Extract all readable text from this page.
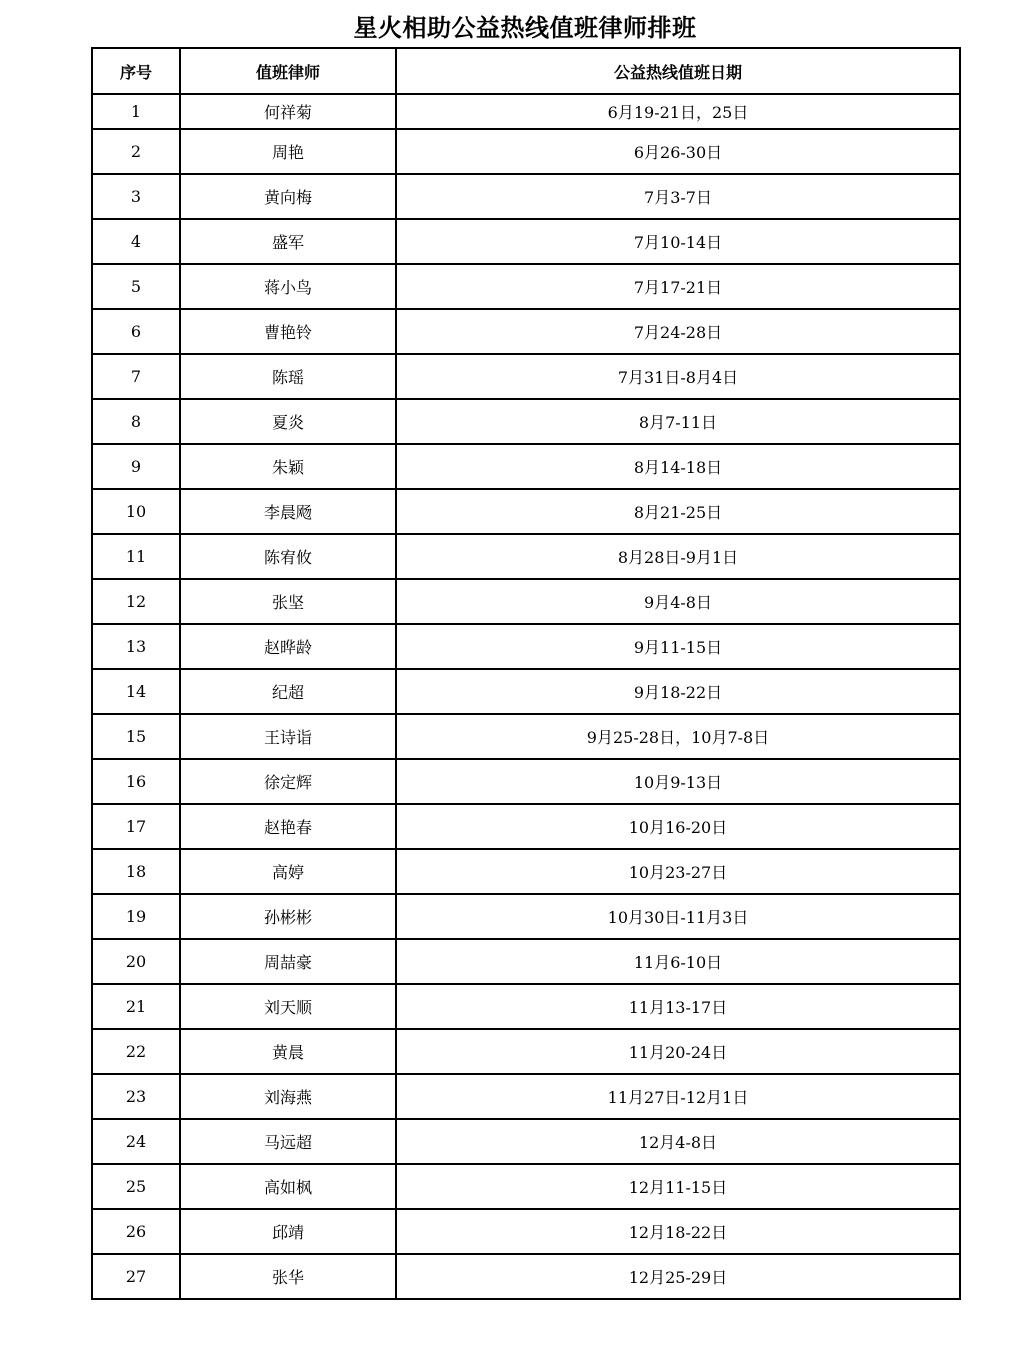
星火相助公益热线值班律师排班
序号	值班律师	公益热线值班日期
1	何祥菊	6月19-21日，25日
2	周艳	6月26-30日
3	黄向梅	7月3-7日
4	盛军	7月10-14日
5	蒋小鸟	7月17-21日
6	曹艳铃	7月24-28日
7	陈瑶	7月31日-8月4日
8	夏炎	8月7-11日
9	朱颖	8月14-18日
10	李晨飏	8月21-25日
11	陈宥攸	8月28日-9月1日
12	张坚	9月4-8日
13	赵晔龄	9月11-15日
14	纪超	9月18-22日
15	王诗诣	9月25-28日，10月7-8日
16	徐定辉	10月9-13日
17	赵艳春	10月16-20日
18	高婷	10月23-27日
19	孙彬彬	10月30日-11月3日
20	周喆豪	11月6-10日
21	刘天顺	11月13-17日
22	黄晨	11月20-24日
23	刘海燕	11月27日-12月1日
24	马远超	12月4-8日
25	高如枫	12月11-15日
26	邱靖	12月18-22日
27	张华	12月25-29日
